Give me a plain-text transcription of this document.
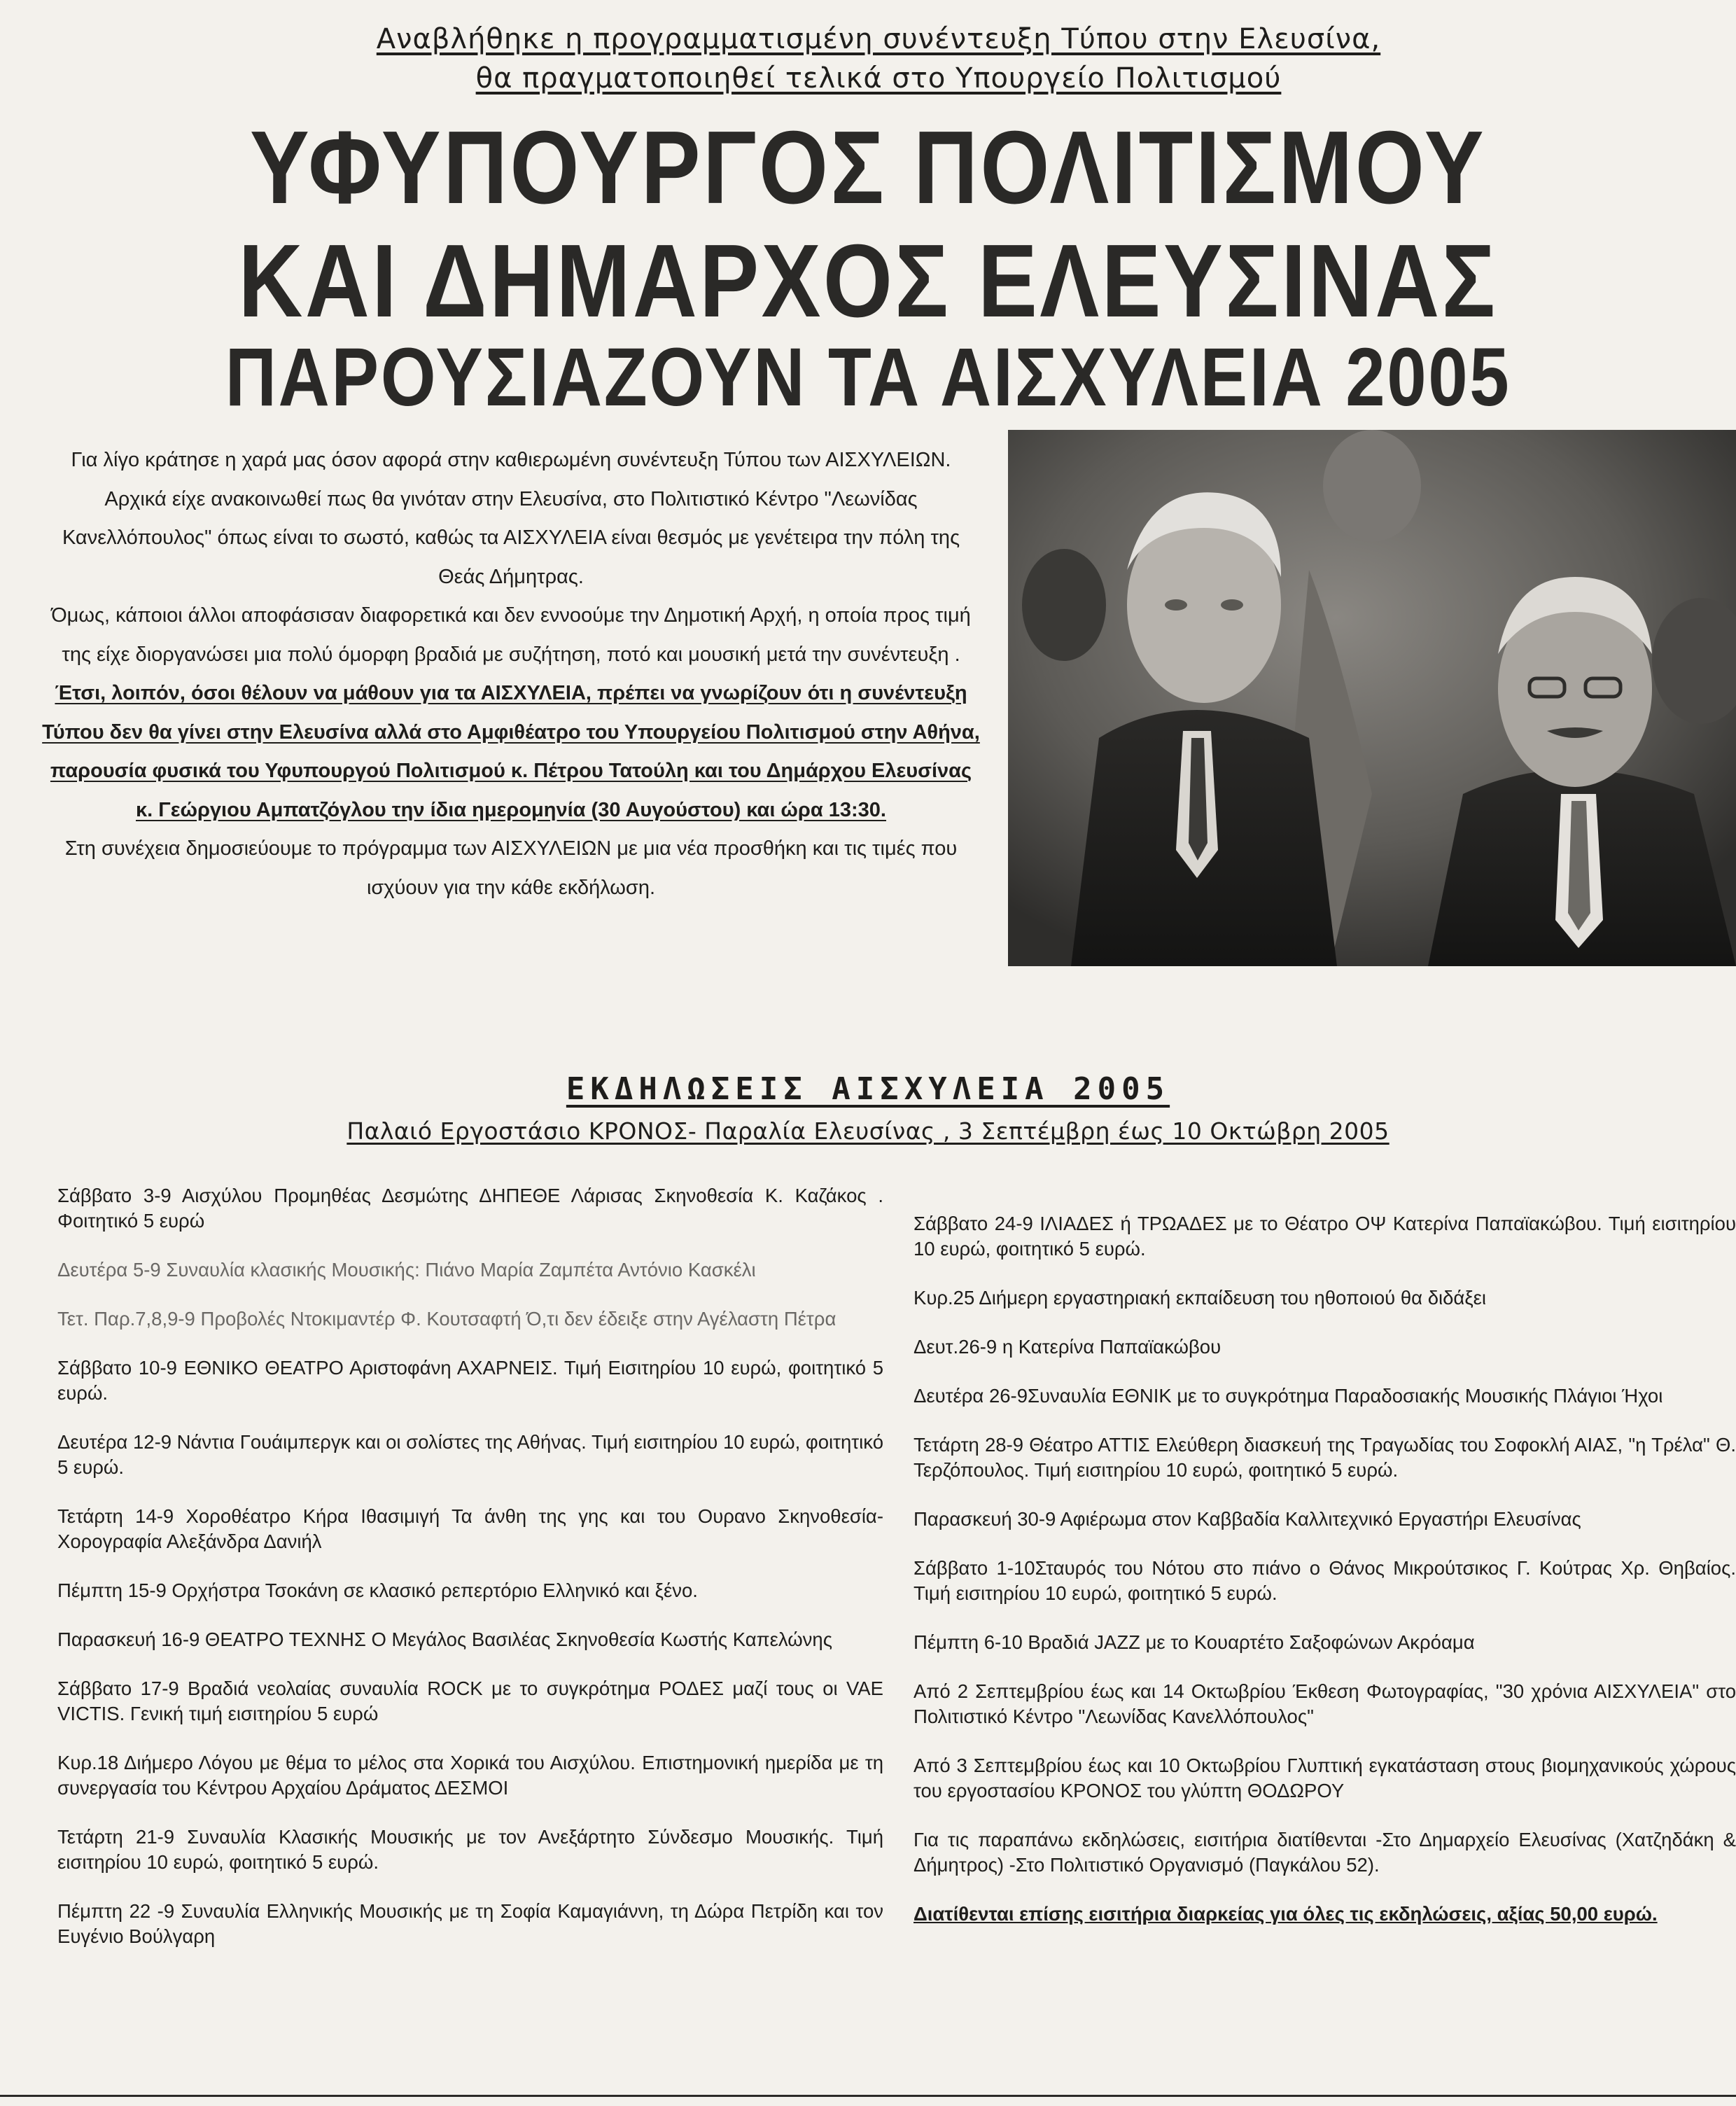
Αναβλήθηκε η προγραμματισμένη συνέντευξη Τύπου στην Ελευσίνα,
θα πραγματοποιηθεί τελικά στο Υπουργείο Πολιτισμού
ΥΦΥΠΟΥΡΓΟΣ ΠΟΛΙΤΙΣΜΟΥ
ΚΑΙ ΔΗΜΑΡΧΟΣ ΕΛΕΥΣΙΝΑΣ
ΠΑΡΟΥΣΙΑΖΟΥΝ ΤΑ ΑΙΣΧΥΛΕΙΑ 2005

Για λίγο κράτησε η χαρά μας όσον αφορά στην καθιερωμένη συνέντευξη Τύπου των ΑΙΣΧΥΛΕΙΩΝ.

Αρχικά είχε ανακοινωθεί πως θα γινόταν στην Ελευσίνα, στο Πολιτιστικό Κέντρο "Λεωνίδας Κανελλόπουλος" όπως είναι το σωστό, καθώς τα ΑΙΣΧΥΛΕΙΑ είναι θεσμός με γενέτειρα την πόλη της Θεάς Δήμητρας.

Όμως, κάποιοι άλλοι αποφάσισαν διαφορετικά και δεν εννοούμε την Δημοτική Αρχή, η οποία προς τιμή της είχε διοργανώσει μια πολύ όμορφη βραδιά με συζήτηση, ποτό και μουσική μετά την συνέντευξη .

Έτσι, λοιπόν, όσοι θέλουν να μάθουν για τα ΑΙΣΧΥΛΕΙΑ, πρέπει να γνωρίζουν ότι η συνέντευξη Τύπου δεν θα γίνει στην Ελευσίνα αλλά στο Αμφιθέατρο του Υπουργείου Πολιτισμού στην Αθήνα, παρουσία φυσικά του Υφυπουργού Πολιτισμού κ. Πέτρου Τατούλη και του Δημάρχου Ελευσίνας κ. Γεώργιου Αμπατζόγλου την ίδια ημερομηνία (30 Αυγούστου) και ώρα 13:30.

Στη συνέχεια δημοσιεύουμε το πρόγραμμα των ΑΙΣΧΥΛΕΙΩΝ με μια νέα προσθήκη και τις τιμές που ισχύουν για την κάθε εκδήλωση.

ΕΚΔΗΛΩΣΕΙΣ ΑΙΣΧΥΛΕΙΑ 2005
Παλαιό Εργοστάσιο ΚΡΟΝΟΣ- Παραλία Ελευσίνας , 3 Σεπτέμβρη έως 10 Οκτώβρη 2005
Σάββατο 3-9 Αισχύλου Προμηθέας Δεσμώτης ΔΗΠΕΘΕ Λάρισας Σκηνοθεσία Κ. Καζάκος . Φοιτητικό 5 ευρώ
Δευτέρα 5-9 Συναυλία κλασικής Μουσικής: Πιάνο Μαρία Ζαμπέτα Αντόνιο Κασκέλι
Τετ. Παρ.7,8,9-9 Προβολές Ντοκιμαντέρ Φ. Κουτσαφτή Ό,τι δεν έδειξε στην Αγέλαστη Πέτρα
Σάββατο 10-9 ΕΘΝΙΚΟ ΘΕΑΤΡΟ Αριστοφάνη ΑΧΑΡΝΕΙΣ. Τιμή Εισιτηρίου 10 ευρώ, φοιτητικό 5 ευρώ.
Δευτέρα 12-9 Νάντια Γουάιμπεργκ και οι σολίστες της Αθήνας. Τιμή εισιτηρίου 10 ευρώ, φοιτητικό 5 ευρώ.
Τετάρτη 14-9 Χοροθέατρο Κήρα Ιθασιμιγή Τα άνθη της γης και του Ουρανο Σκηνοθεσία-Χορογραφία Αλεξάνδρα Δανιήλ
Πέμπτη 15-9 Ορχήστρα Τσοκάνη σε κλασικό ρεπερτόριο Ελληνικό και ξένο.
Παρασκευή 16-9 ΘΕΑΤΡΟ ΤΕΧΝΗΣ Ο Μεγάλος Βασιλέας Σκηνοθεσία Κωστής Καπελώνης
Σάββατο 17-9 Βραδιά νεολαίας συναυλία ROCK με το συγκρότημα ΡΟΔΕΣ μαζί τους οι VAE VICTIS. Γενική τιμή εισιτηρίου 5 ευρώ
Κυρ.18 Διήμερο Λόγου με θέμα το μέλος στα Χορικά του Αισχύλου. Επιστημονική ημερίδα με τη συνεργασία του Κέντρου Αρχαίου Δράματος ΔΕΣΜΟΙ
Τετάρτη 21-9 Συναυλία Κλασικής Μουσικής με τον Ανεξάρτητο Σύνδεσμο Μουσικής. Τιμή εισιτηρίου 10 ευρώ, φοιτητικό 5 ευρώ.
Πέμπτη 22 -9 Συναυλία Ελληνικής Μουσικής με τη Σοφία Καμαγιάννη, τη Δώρα Πετρίδη και τον Ευγένιο Βούλγαρη
Σάββατο 24-9 ΙΛΙΑΔΕΣ ή ΤΡΩΑΔΕΣ με το Θέατρο ΟΨ Κατερίνα Παπαϊακώβου. Τιμή εισιτηρίου 10 ευρώ, φοιτητικό 5 ευρώ.
Κυρ.25 Διήμερη εργαστηριακή εκπαίδευση του ηθοποιού θα διδάξει
Δευτ.26-9 η Κατερίνα Παπαϊακώβου
Δευτέρα 26-9Συναυλία ΕΘΝΙΚ με το συγκρότημα Παραδοσιακής Μουσικής Πλάγιοι Ήχοι
Τετάρτη 28-9 Θέατρο ΑΤΤΙΣ Ελεύθερη διασκευή της Τραγωδίας του Σοφοκλή ΑΙΑΣ, "η Τρέλα" Θ. Τερζόπουλος. Τιμή εισιτηρίου 10 ευρώ, φοιτητικό 5 ευρώ.
Παρασκευή 30-9 Αφιέρωμα στον Καββαδία Καλλιτεχνικό Εργαστήρι Ελευσίνας
Σάββατο 1-10Σταυρός του Νότου στο πιάνο ο Θάνος Μικρούτσικος Γ. Κούτρας Χρ. Θηβαίος. Τιμή εισιτηρίου 10 ευρώ, φοιτητικό 5 ευρώ.
Πέμπτη 6-10 Βραδιά JAZZ με το Κουαρτέτο Σαξοφώνων Ακρόαμα
Από 2 Σεπτεμβρίου έως και 14 Οκτωβρίου Έκθεση Φωτογραφίας, "30 χρόνια ΑΙΣΧΥΛΕΙΑ" στο Πολιτιστικό Κέντρο "Λεωνίδας Κανελλόπουλος"
Από 3 Σεπτεμβρίου έως και 10 Οκτωβρίου Γλυπτική εγκατάσταση στους βιομηχανικούς χώρους του εργοστασίου ΚΡΟΝΟΣ του γλύπτη ΘΟΔΩΡΟΥ
Για τις παραπάνω εκδηλώσεις, εισιτήρια διατίθενται -Στο Δημαρχείο Ελευσίνας (Χατζηδάκη & Δήμητρος) -Στο Πολιτιστικό Οργανισμό (Παγκάλου 52).
Διατίθενται επίσης εισιτήρια διαρκείας για όλες τις εκδηλώσεις, αξίας 50,00 ευρώ.
